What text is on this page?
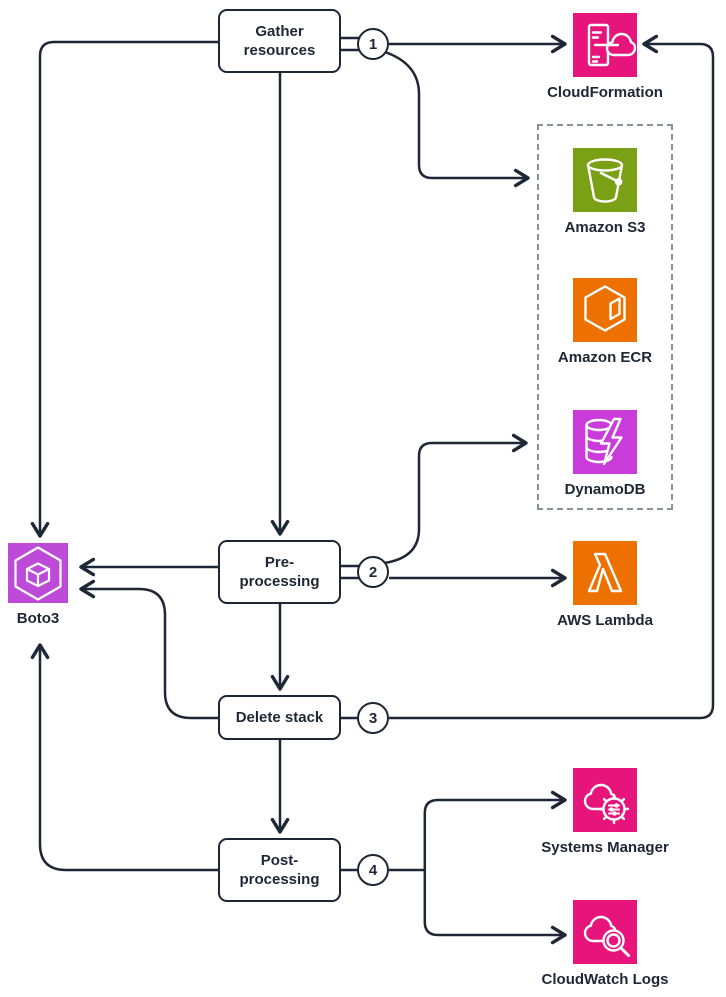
Gather resources
Pre-processing
Delete stack
Post-processing
1
2
3
4
CloudFormation
Amazon S3
Amazon ECR
DynamoDB
AWS Lambda
Systems Manager
CloudWatch Logs
Boto3
